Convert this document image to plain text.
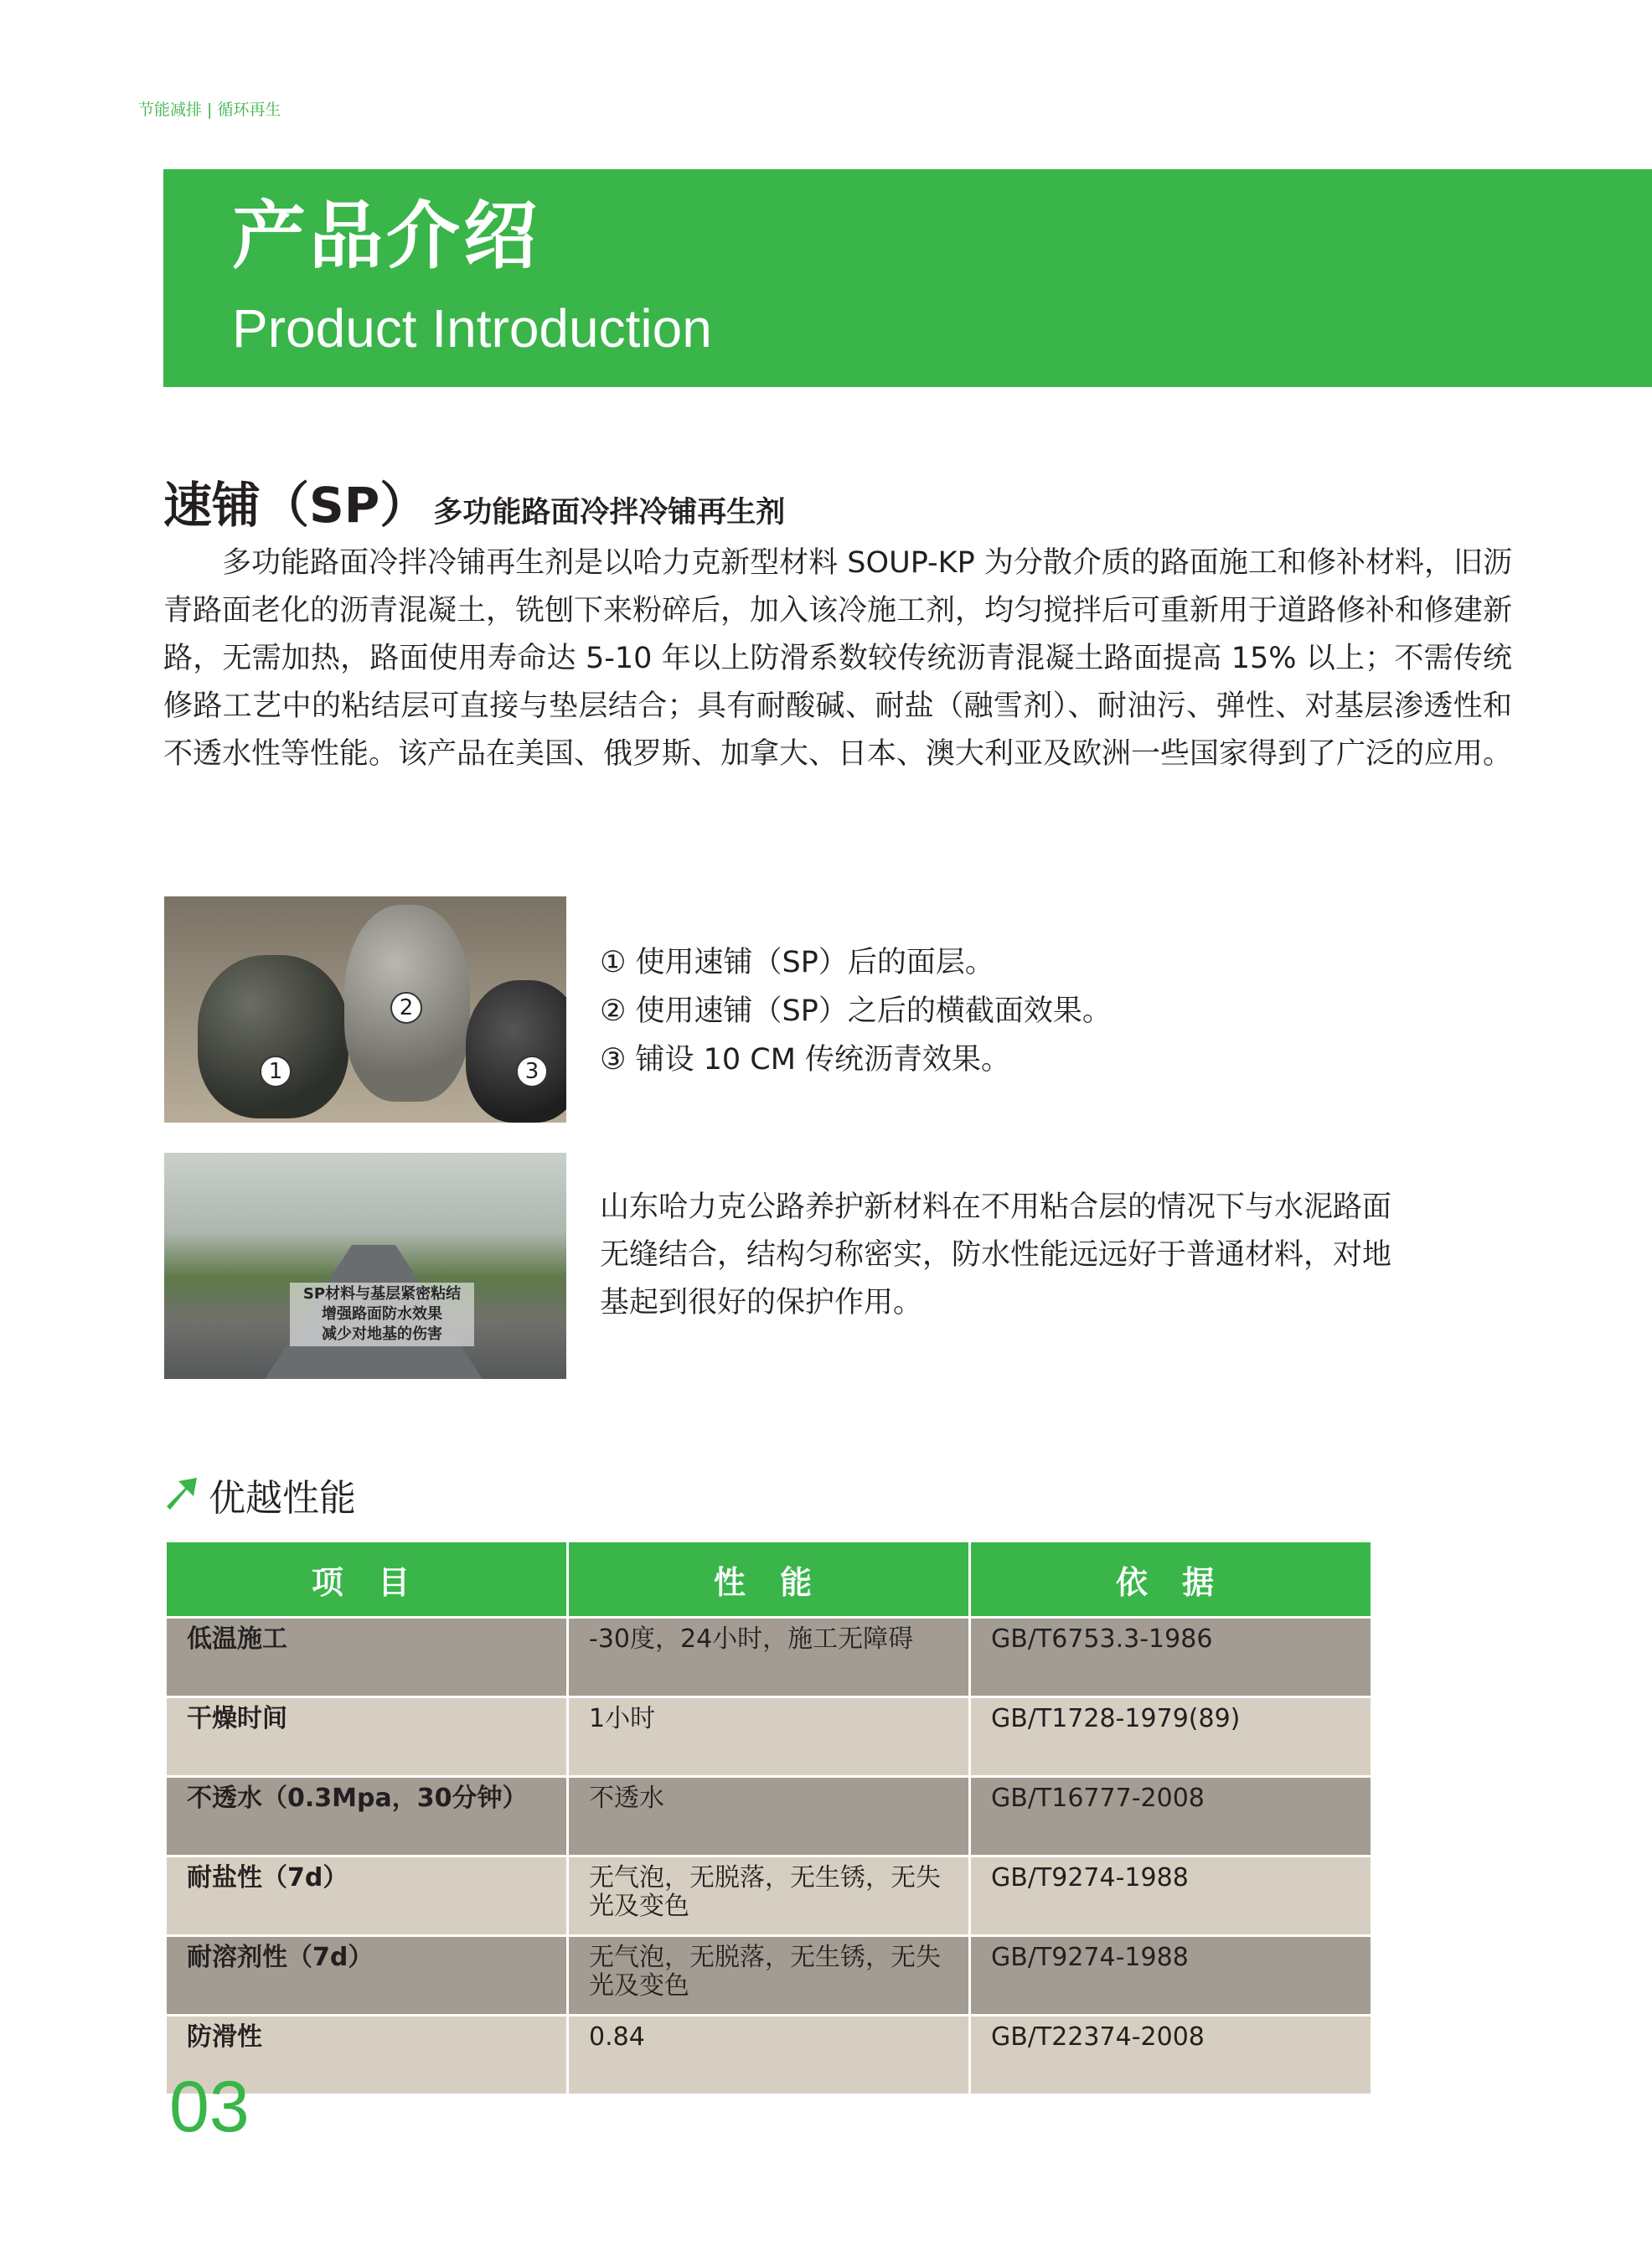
节能减排 | 循环再生
产品介绍
Product Introduction
速铺（SP） 多功能路面冷拌冷铺再生剂

多功能路面冷拌冷铺再生剂是以哈力克新型材料 SOUP-KP 为分散介质的路面施工和修补材料，旧沥青路面老化的沥青混凝土，铣刨下来粉碎后，加入该冷施工剂，均匀搅拌后可重新用于道路修补和修建新路，无需加热，路面使用寿命达 5-10 年以上防滑系数较传统沥青混凝土路面提高 15% 以上；不需传统修路工艺中的粘结层可直接与垫层结合；具有耐酸碱、耐盐（融雪剂）、耐油污、弹性、对基层渗透性和不透水性等性能。该产品在美国、俄罗斯、加拿大、日本、澳大利亚及欧洲一些国家得到了广泛的应用。

1
2
3
① 使用速铺（SP）后的面层。
② 使用速铺（SP）之后的横截面效果。
③ 铺设 10 CM 传统沥青效果。
SP材料与基层紧密粘结
增强路面防水效果
减少对地基的伤害

山东哈力克公路养护新材料在不用粘合层的情况下与水泥路面无缝结合，结构匀称密实，防水性能远远好于普通材料，对地基起到很好的保护作用。

优越性能
项 目	性 能	依 据
低温施工	-30度，24小时，施工无障碍	GB/T6753.3-1986
干燥时间	1小时	GB/T1728-1979(89)
不透水（0.3Mpa，30分钟）	不透水	GB/T16777-2008
耐盐性（7d）	无气泡，无脱落，无生锈，无失光及变色	GB/T9274-1988
耐溶剂性（7d）	无气泡，无脱落，无生锈，无失光及变色	GB/T9274-1988
防滑性	0.84	GB/T22374-2008
03
